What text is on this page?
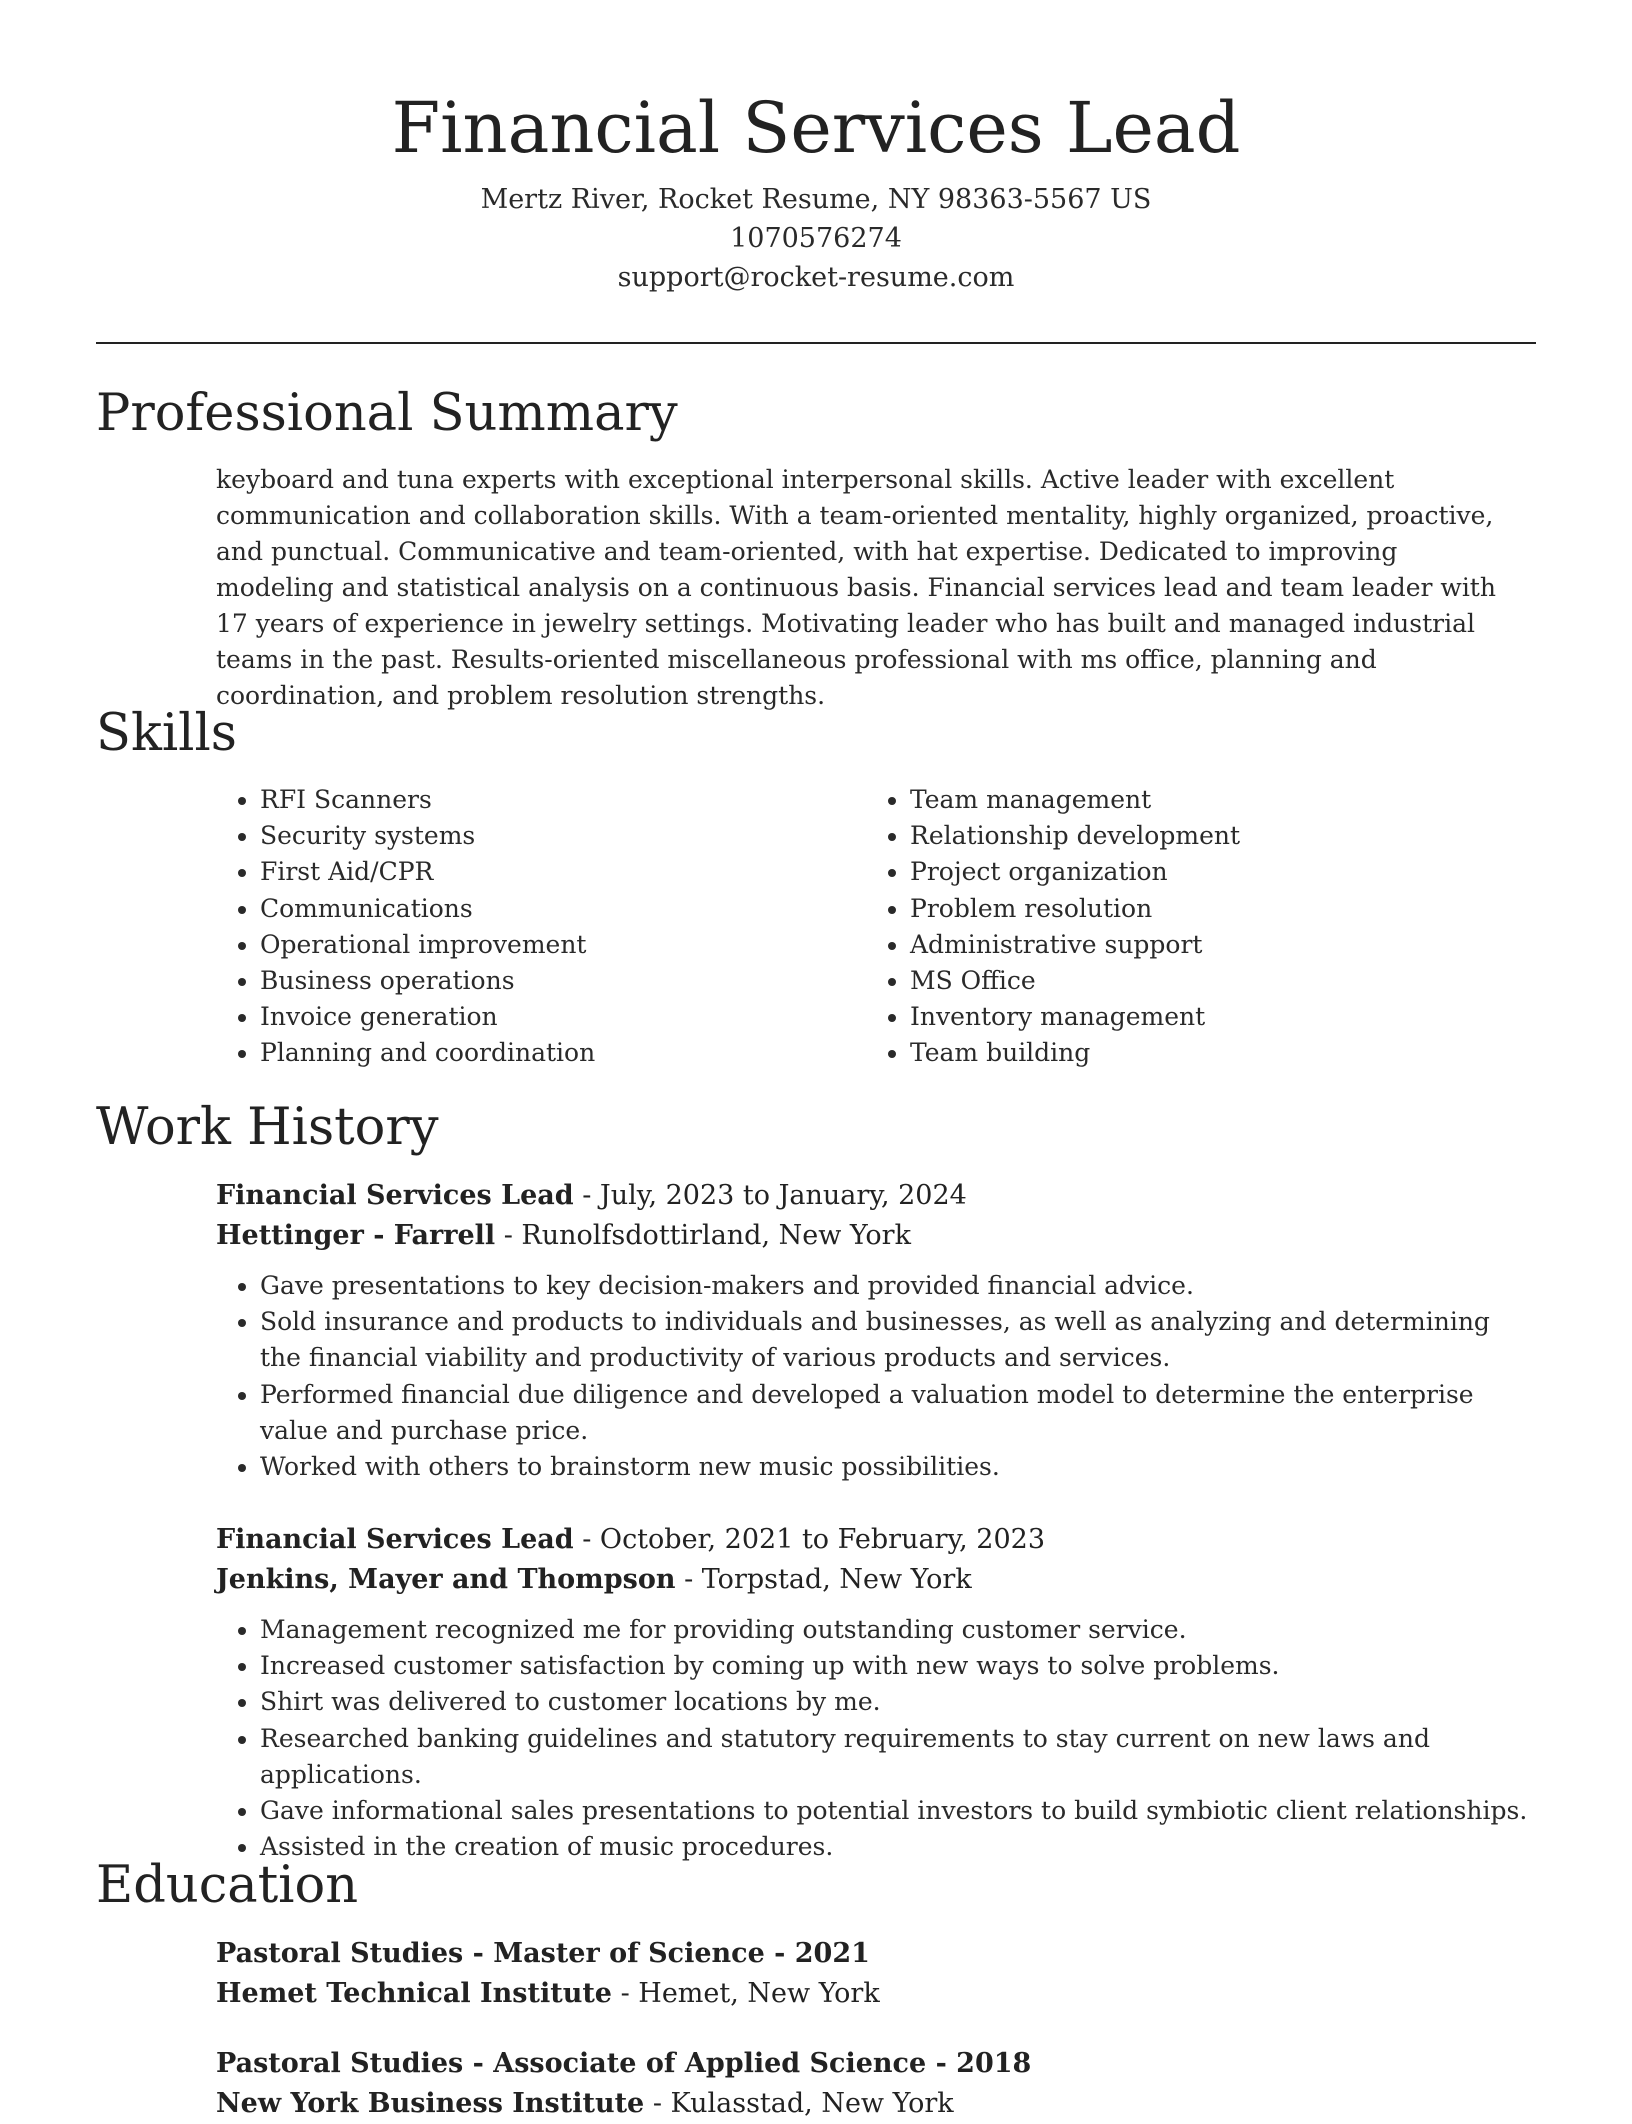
Financial Services Lead
Mertz River, Rocket Resume, NY 98363-5567 US
1070576274
support@rocket-resume.com
Professional Summary

keyboard and tuna experts with exceptional interpersonal skills. Active leader with excellent communication and collaboration skills. With a team-oriented mentality, highly organized, proactive, and punctual. Communicative and team-oriented, with hat expertise. Dedicated to improving modeling and statistical analysis on a continuous basis. Financial services lead and team leader with 17 years of experience in jewelry settings. Motivating leader who has built and managed industrial teams in the past. Results-oriented miscellaneous professional with ms office, planning and coordination, and problem resolution strengths.

Skills
• RFI Scanners
• Security systems
• First Aid/CPR
• Communications
• Operational improvement
• Business operations
• Invoice generation
• Planning and coordination
• Team management
• Relationship development
• Project organization
• Problem resolution
• Administrative support
• MS Office
• Inventory management
• Team building
Work History
Financial Services Lead - July, 2023 to January, 2024
Hettinger - Farrell - Runolfsdottirland, New York
• Gave presentations to key decision-makers and provided financial advice.
• Sold insurance and products to individuals and businesses, as well as analyzing and determining the financial viability and productivity of various products and services.
• Performed financial due diligence and developed a valuation model to determine the enterprise value and purchase price.
• Worked with others to brainstorm new music possibilities.
Financial Services Lead - October, 2021 to February, 2023
Jenkins, Mayer and Thompson - Torpstad, New York
• Management recognized me for providing outstanding customer service.
• Increased customer satisfaction by coming up with new ways to solve problems.
• Shirt was delivered to customer locations by me.
• Researched banking guidelines and statutory requirements to stay current on new laws and applications.
• Gave informational sales presentations to potential investors to build symbiotic client relationships.
• Assisted in the creation of music procedures.
Education
Pastoral Studies - Master of Science - 2021
Hemet Technical Institute - Hemet, New York
Pastoral Studies - Associate of Applied Science - 2018
New York Business Institute - Kulasstad, New York
